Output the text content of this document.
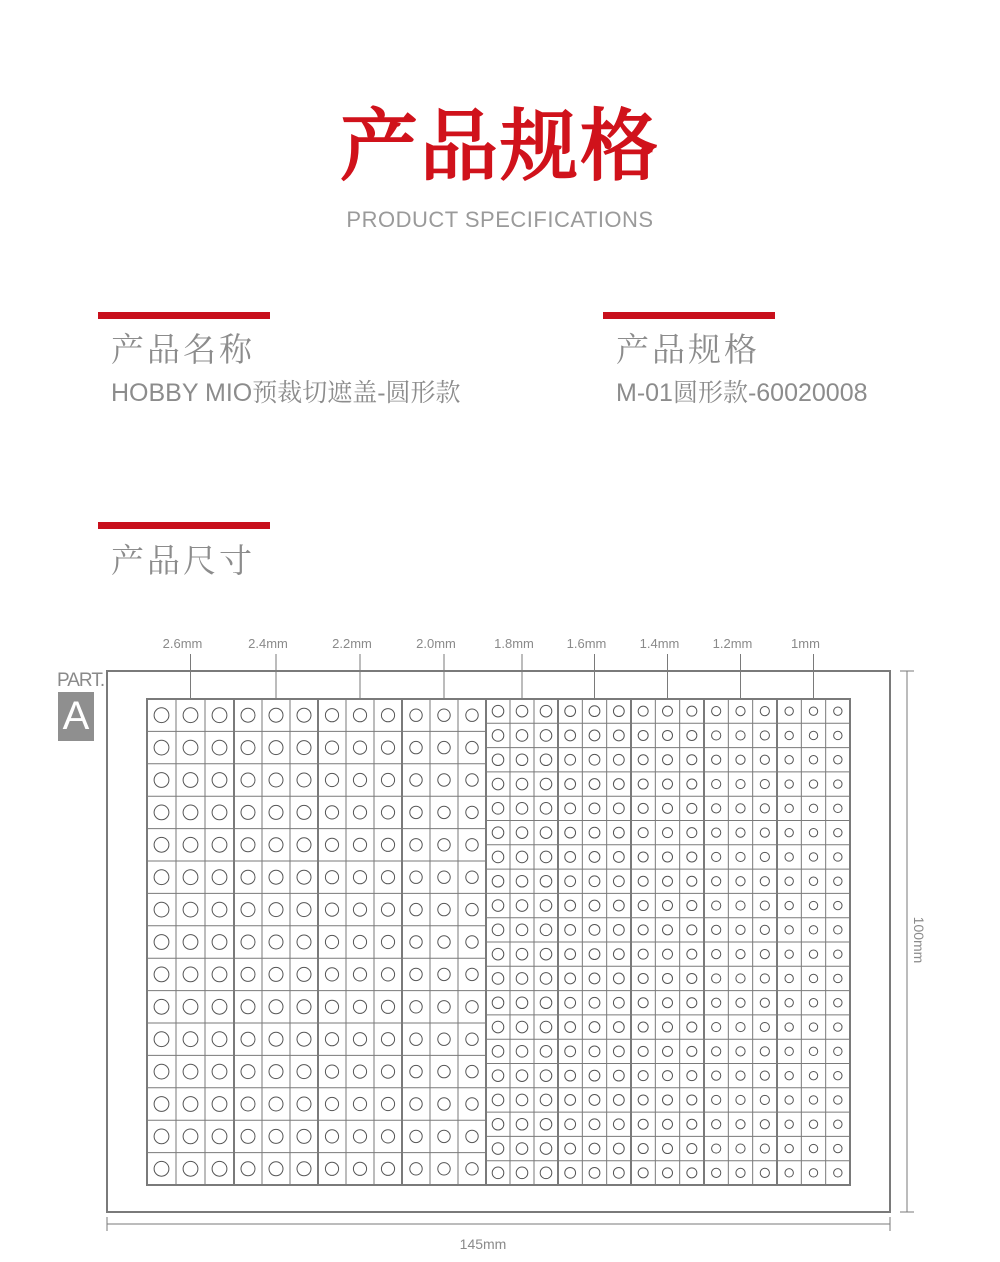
产品规格
PRODUCT SPECIFICATIONS
产品名称
HOBBY MIO预裁切遮盖-圆形款
产品规格
M-01圆形款-60020008
产品尺寸
PART.
A
145mm
100mm
2.6mm	2.4mm	2.2mm	2.0mm	1.8mm	1.6mm	1.4mm	1.2mm	1mm
